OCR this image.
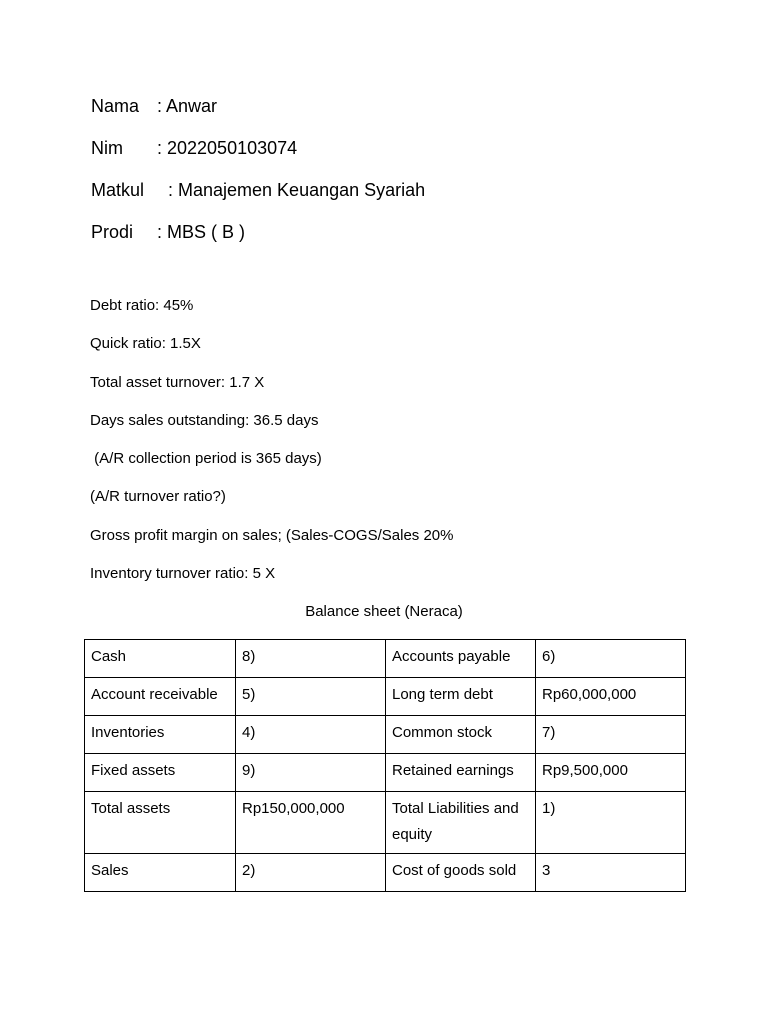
Nama : Anwar
Nim	: 2022050103074
Matkul	: Manajemen Keuangan Syariah
Prodi	: MBS ( B )
Debt ratio: 45%
Quick ratio: 1.5X
Total asset turnover: 1.7 X
Days sales outstanding: 36.5 days
(A/R collection period is 365 days)
(A/R turnover ratio?)
Gross profit margin on sales; (Sales-COGS/Sales 20%
Inventory turnover ratio: 5 X
Balance sheet (Neraca)
Cash	8)	Accounts payable	6)
Account receivable	5)	Long term debt	Rp60,000,000
Inventories	4)	Common stock	7)
Fixed assets	9)	Retained earnings	Rp9,500,000
Total assets	Rp150,000,000	Total Liabilities and equity	1)
Sales	2)	Cost of goods sold	3
